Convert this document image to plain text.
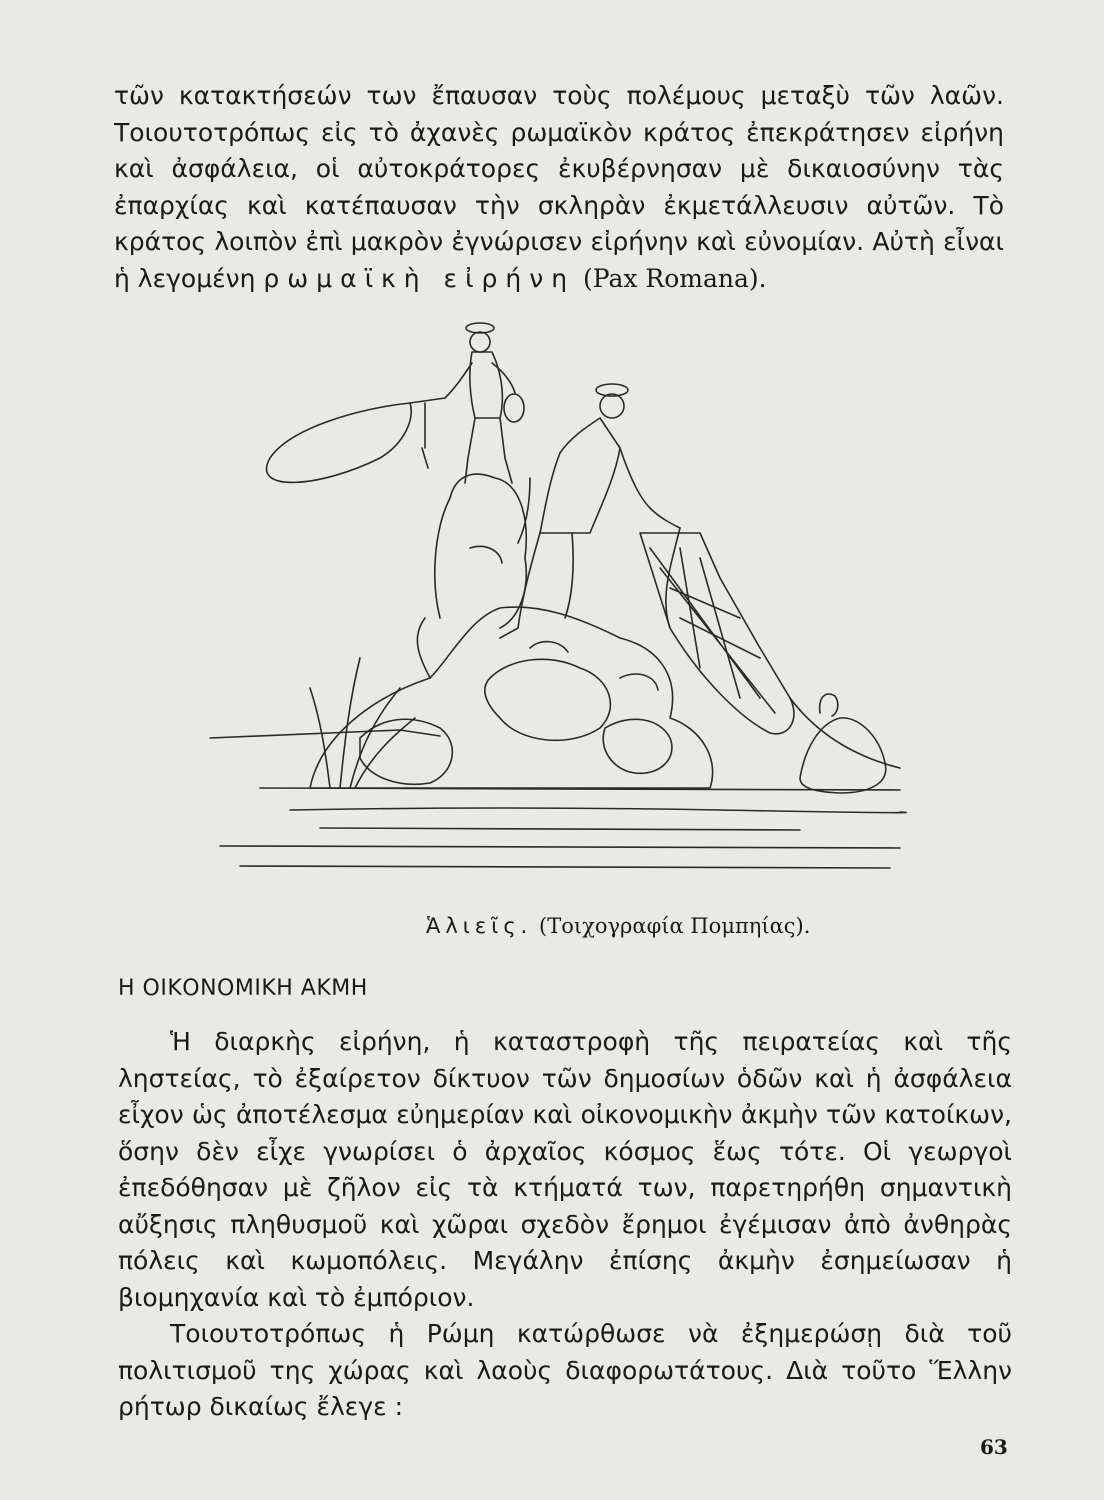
τῶν κατακτήσεών των ἔπαυσαν τοὺς πολέμους μεταξὺ τῶν λαῶν. Τοιουτοτρόπως εἰς τὸ ἀχανὲς ρωμαϊκὸν κράτος ἐπεκράτησεν εἰρήνη καὶ ἀσφάλεια, οἱ αὐτοκράτορες ἐκυβέρνησαν μὲ δικαιοσύνην τὰς ἐπαρχίας καὶ κατέπαυσαν τὴν σκληρὰν ἐκμετάλλευσιν αὐτῶν. Τὸ κράτος λοιπὸν ἐπὶ μακρὸν ἐγνώρισεν εἰρήνην καὶ εὐνομίαν. Αὐτὴ εἶναι ἡ λεγομένη ρωμαϊκὴ εἰρήνη (Pax Romana).

Ἁλιεῖς. (Τοιχογραφία Πομπηίας).

Η ΟΙΚΟΝΟΜΙΚΗ ΑΚΜΗ

Ἡ διαρκὴς εἰρήνη, ἡ καταστροφὴ τῆς πειρατείας καὶ τῆς ληστείας, τὸ ἐξαίρετον δίκτυον τῶν δημοσίων ὁδῶν καὶ ἡ ἀσφάλεια εἶχον ὡς ἀποτέλεσμα εὐημερίαν καὶ οἰκονομικὴν ἀκμὴν τῶν κατοίκων, ὅσην δὲν εἶχε γνωρίσει ὁ ἀρχαῖος κόσμος ἕως τότε. Οἱ γεωργοὶ ἐπεδόθησαν μὲ ζῆλον εἰς τὰ κτήματά των, παρετηρήθη σημαντικὴ αὔξησις πληθυσμοῦ καὶ χῶραι σχεδὸν ἔρημοι ἐγέμισαν ἀπὸ ἀνθηρὰς πόλεις καὶ κωμοπόλεις. Μεγάλην ἐπίσης ἀκμὴν ἐσημείωσαν ἡ βιομηχανία καὶ τὸ ἐμπόριον.

Τοιουτοτρόπως ἡ Ρώμη κατώρθωσε νὰ ἐξημερώσῃ διὰ τοῦ πολιτισμοῦ της χώρας καὶ λαοὺς διαφορωτάτους. Διὰ τοῦτο Ἕλλην ρήτωρ δικαίως ἔλεγε :

63
